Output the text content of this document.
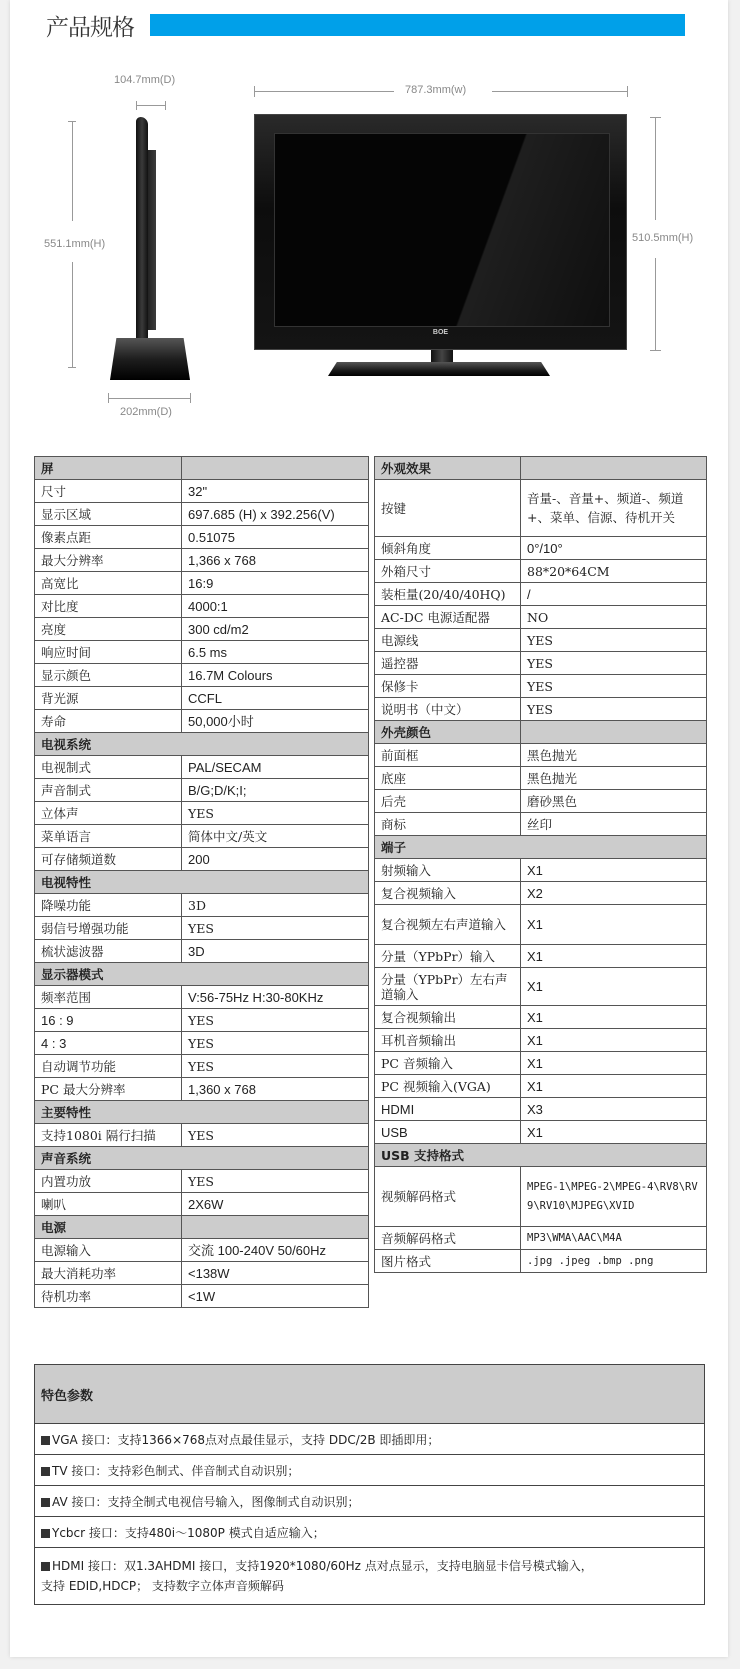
产品规格
104.7mm(D)
551.1mm(H)
202mm(D)
787.3mm(w)
BOE
510.5mm(H)
屏	
尺寸	32"
显示区域	697.685 (H) x 392.256(V)
像素点距	0.51075
最大分辨率	1,366 x 768
高宽比	16:9
对比度	4000:1
亮度	300 cd/m2
响应时间	6.5 ms
显示颜色	16.7M Colours
背光源	CCFL
寿命	50,000小时
电视系统	
电视制式	PAL/SECAM
声音制式	B/G;D/K;I;
立体声	YES
菜单语言	简体中文/英文
可存储频道数	200
电视特性	
降噪功能	3D
弱信号增强功能	YES
梳状滤波器	3D
显示器模式	
频率范围	V:56-75Hz H:30-80KHz
16 : 9	YES
4 : 3	YES
自动调节功能	YES
PC 最大分辨率	1,360 x 768
主要特性	
支持1080i 隔行扫描	YES
声音系统	
内置功放	YES
喇叭	2X6W
电源	
电源输入	交流 100-240V 50/60Hz
最大消耗功率	<138W
待机功率	<1W
外观效果	
按键	音量-、音量+、频道-、频道+、菜单、信源、待机开关
倾斜角度	0°/10°
外箱尺寸	88*20*64CM
装柜量(20/40/40HQ)	/
AC-DC 电源适配器	NO
电源线	YES
遥控器	YES
保修卡	YES
说明书（中文）	YES
外壳颜色	
前面框	黑色抛光
底座	黑色抛光
后壳	磨砂黑色
商标	丝印
端子	
射频输入	X1
复合视频输入	X2
复合视频左右声道输入	X1
分量（YPbPr）输入	X1
分量（YPbPr）左右声道输入	X1
复合视频输出	X1
耳机音频输出	X1
PC 音频输入	X1
PC 视频输入(VGA)	X1
HDMI	X3
USB	X1
USB 支持格式	
视频解码格式	MPEG-1\MPEG-2\MPEG-4\RV8\RV9\RV10\MJPEG\XVID
音频解码格式	MP3\WMA\AAC\M4A
图片格式	.jpg .jpeg .bmp .png
特色参数
VGA 接口：支持1366×768点对点最佳显示，支持 DDC/2B 即插即用；
TV 接口：支持彩色制式、伴音制式自动识别；
AV 接口：支持全制式电视信号输入，图像制式自动识别；
Ycbcr 接口：支持480i～1080P 模式自适应输入；
HDMI 接口：双1.3AHDMI 接口，支持1920*1080/60Hz 点对点显示，支持电脑显卡信号模式输入，支持 EDID,HDCP； 支持数字立体声音频解码
